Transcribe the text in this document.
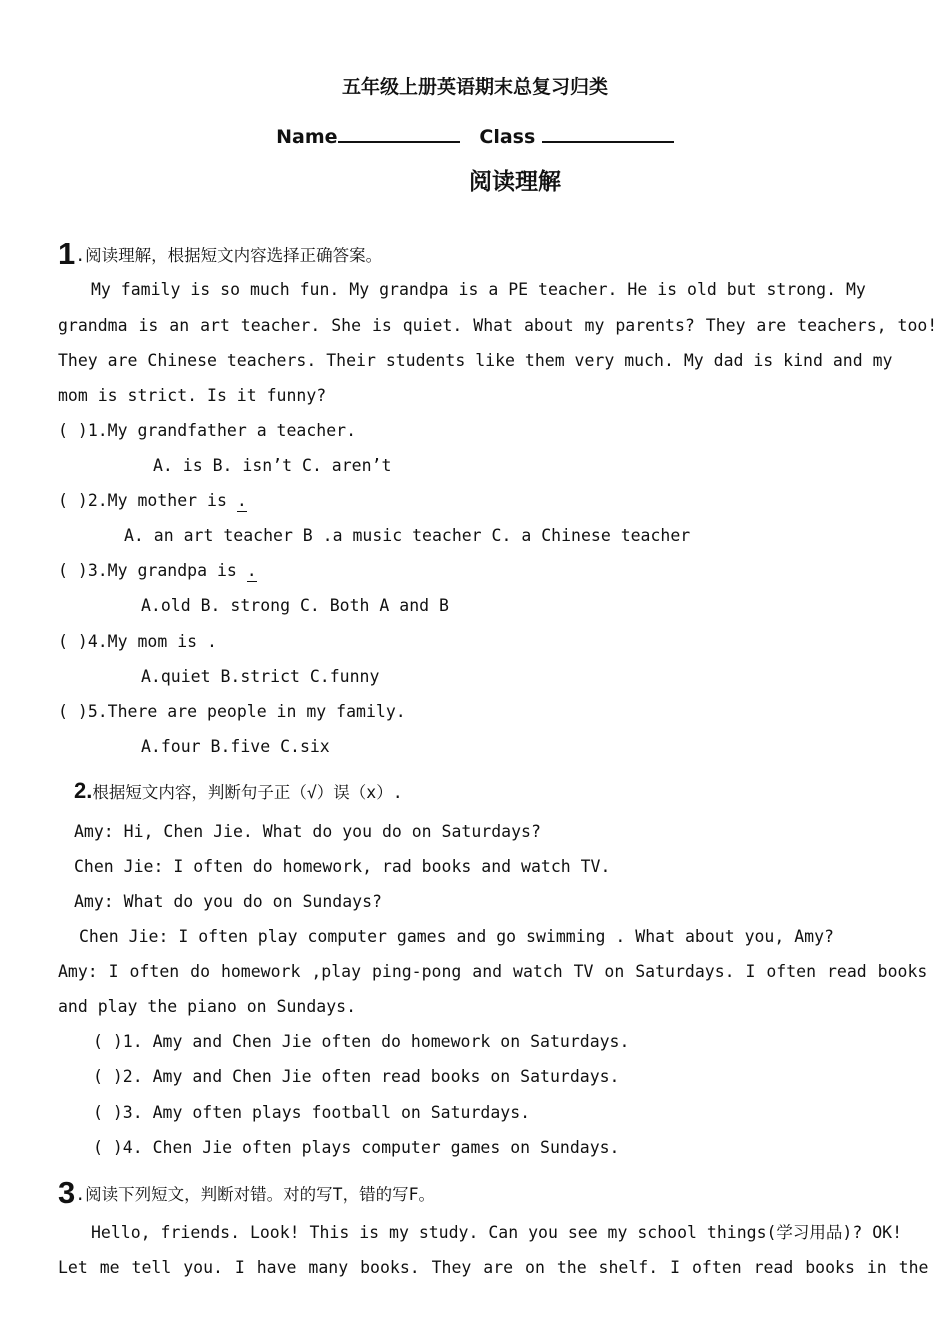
五年级上册英语期末总复习归类
Name	Class
阅读理解
1.阅读理解，根据短文内容选择正确答案。
My family is so much fun. My grandpa is a PE teacher. He is old but strong. My
grandma is an art teacher. She is quiet. What about my parents? They are teachers, too!
They are Chinese teachers. Their students like them very much. My dad is kind and my
mom is strict. Is it funny?
( )1.My grandfather a teacher.
A. is B. isn’t C. aren’t
( )2.My mother is .
A. an art teacher B .a music teacher C. a Chinese teacher
( )3.My grandpa is .
A.old B. strong C. Both A and B
( )4.My mom is .
A.quiet B.strict C.funny
( )5.There are people in my family.
A.four B.five C.six
2.根据短文内容，判断句子正（√）误（x）.
Amy: Hi, Chen Jie. What do you do on Saturdays?
Chen Jie: I often do homework, rad books and watch TV.
Amy: What do you do on Sundays?
Chen Jie: I often play computer games and go swimming . What about you, Amy?
Amy: I often do homework ,play ping-pong and watch TV on Saturdays. I often read books
and play the piano on Sundays.
( )1. Amy and Chen Jie often do homework on Saturdays.
( )2. Amy and Chen Jie often read books on Saturdays.
( )3. Amy often plays football on Saturdays.
( )4. Chen Jie often plays computer games on Sundays.
3.阅读下列短文，判断对错。对的写T，错的写F。
Hello, friends. Look! This is my study. Can you see my school things(学习用品)? OK!
Let me tell you. I have many books. They are on the shelf. I often read books in the
